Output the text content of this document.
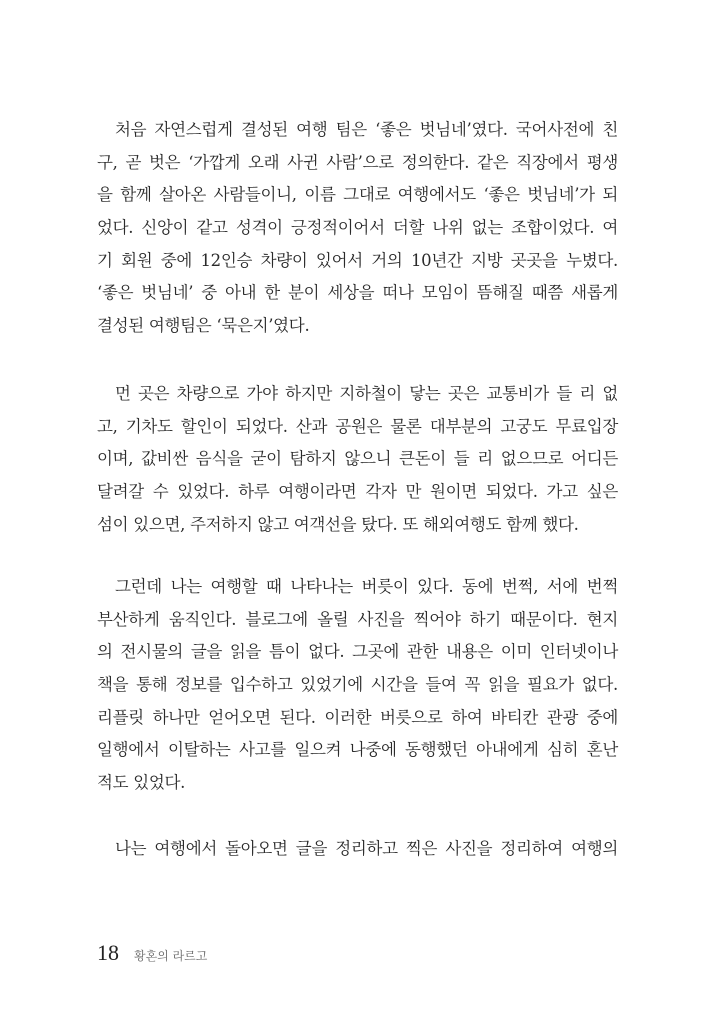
처음 자연스럽게 결성된 여행 팀은 ‘좋은 벗님네’였다. 국어사전에 친
구, 곧 벗은 ‘가깝게 오래 사귄 사람’으로 정의한다. 같은 직장에서 평생
을 함께 살아온 사람들이니, 이름 그대로 여행에서도 ‘좋은 벗님네’가 되
었다. 신앙이 같고 성격이 긍정적이어서 더할 나위 없는 조합이었다. 여
기 회원 중에 12인승 차량이 있어서 거의 10년간 지방 곳곳을 누볐다.
‘좋은 벗님네’ 중 아내 한 분이 세상을 떠나 모임이 뜸해질 때쯤 새롭게
결성된 여행팀은 ‘묵은지’였다.
먼 곳은 차량으로 가야 하지만 지하철이 닿는 곳은 교통비가 들 리 없
고, 기차도 할인이 되었다. 산과 공원은 물론 대부분의 고궁도 무료입장
이며, 값비싼 음식을 굳이 탐하지 않으니 큰돈이 들 리 없으므로 어디든
달려갈 수 있었다. 하루 여행이라면 각자 만 원이면 되었다. 가고 싶은
섬이 있으면, 주저하지 않고 여객선을 탔다. 또 해외여행도 함께 했다.
그런데 나는 여행할 때 나타나는 버릇이 있다. 동에 번쩍, 서에 번쩍
부산하게 움직인다. 블로그에 올릴 사진을 찍어야 하기 때문이다. 현지
의 전시물의 글을 읽을 틈이 없다. 그곳에 관한 내용은 이미 인터넷이나
책을 통해 정보를 입수하고 있었기에 시간을 들여 꼭 읽을 필요가 없다.
리플릿 하나만 얻어오면 된다. 이러한 버릇으로 하여 바티칸 관광 중에
일행에서 이탈하는 사고를 일으켜 나중에 동행했던 아내에게 심히 혼난
적도 있었다.
나는 여행에서 돌아오면 글을 정리하고 찍은 사진을 정리하여 여행의
18 황혼의 라르고
